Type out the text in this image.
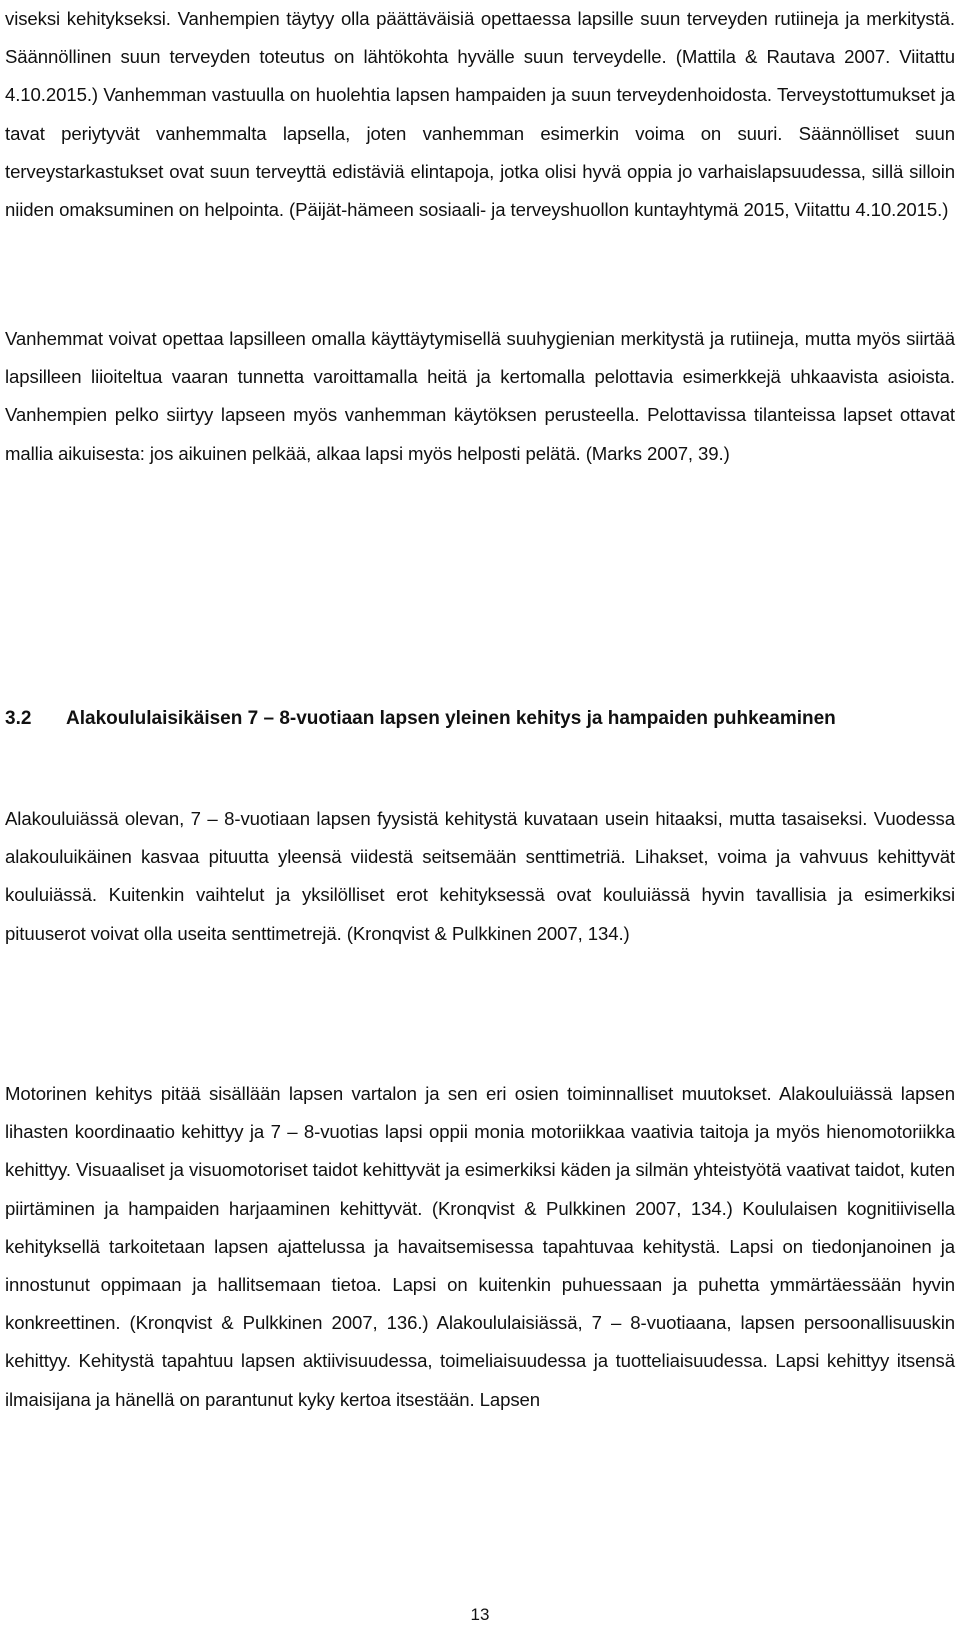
viseksi kehitykseksi. Vanhempien täytyy olla päättäväisiä opettaessa lapsille suun terveyden rutiineja ja merkitystä. Säännöllinen suun terveyden toteutus on lähtökohta hyvälle suun terveydelle. (Mattila & Rautava 2007. Viitattu 4.10.2015.) Vanhemman vastuulla on huolehtia lapsen hampaiden ja suun terveydenhoidosta. Terveystottumukset ja tavat periytyvät vanhemmalta lapsella, joten vanhemman esimerkin voima on suuri. Säännölliset suun terveystarkastukset ovat suun terveyttä edistäviä elintapoja, jotka olisi hyvä oppia jo varhaislapsuudessa, sillä silloin niiden omaksuminen on helpointa. (Päijät-hämeen sosiaali- ja terveyshuollon kuntayhtymä 2015, Viitattu 4.10.2015.)

Vanhemmat voivat opettaa lapsilleen omalla käyttäytymisellä suuhygienian merkitystä ja rutiineja, mutta myös siirtää lapsilleen liioiteltua vaaran tunnetta varoittamalla heitä ja kertomalla pelottavia esimerkkejä uhkaavista asioista. Vanhempien pelko siirtyy lapseen myös vanhemman käytöksen perusteella. Pelottavissa tilanteissa lapset ottavat mallia aikuisesta: jos aikuinen pelkää, alkaa lapsi myös helposti pelätä. (Marks 2007, 39.)

3.2	Alakoululaisikäisen 7 – 8-vuotiaan lapsen yleinen kehitys ja hampaiden puhkeaminen

Alakouluiässä olevan, 7 – 8-vuotiaan lapsen fyysistä kehitystä kuvataan usein hitaaksi, mutta tasaiseksi. Vuodessa alakouluikäinen kasvaa pituutta yleensä viidestä seitsemään senttimetriä. Lihakset, voima ja vahvuus kehittyvät kouluiässä. Kuitenkin vaihtelut ja yksilölliset erot kehityksessä ovat kouluiässä hyvin tavallisia ja esimerkiksi pituuserot voivat olla useita senttimetrejä. (Kronqvist & Pulkkinen 2007, 134.)

Motorinen kehitys pitää sisällään lapsen vartalon ja sen eri osien toiminnalliset muutokset. Alakouluiässä lapsen lihasten koordinaatio kehittyy ja 7 – 8-vuotias lapsi oppii monia motoriikkaa vaativia taitoja ja myös hienomotoriikka kehittyy. Visuaaliset ja visuomotoriset taidot kehittyvät ja esimerkiksi käden ja silmän yhteistyötä vaativat taidot, kuten piirtäminen ja hampaiden harjaaminen kehittyvät. (Kronqvist & Pulkkinen 2007, 134.) Koululaisen kognitiivisella kehityksellä tarkoitetaan lapsen ajattelussa ja havaitsemisessa tapahtuvaa kehitystä. Lapsi on tiedonjanoinen ja innostunut oppimaan ja hallitsemaan tietoa. Lapsi on kuitenkin puhuessaan ja puhetta ymmärtäessään hyvin konkreettinen. (Kronqvist & Pulkkinen 2007, 136.) Alakoululaisiässä, 7 – 8-vuotiaana, lapsen persoonallisuuskin kehittyy. Kehitystä tapahtuu lapsen aktiivisuudessa, toimeliaisuudessa ja tuotteliaisuudessa. Lapsi kehittyy itsensä ilmaisijana ja hänellä on parantunut kyky kertoa itsestään. Lapsen

13
